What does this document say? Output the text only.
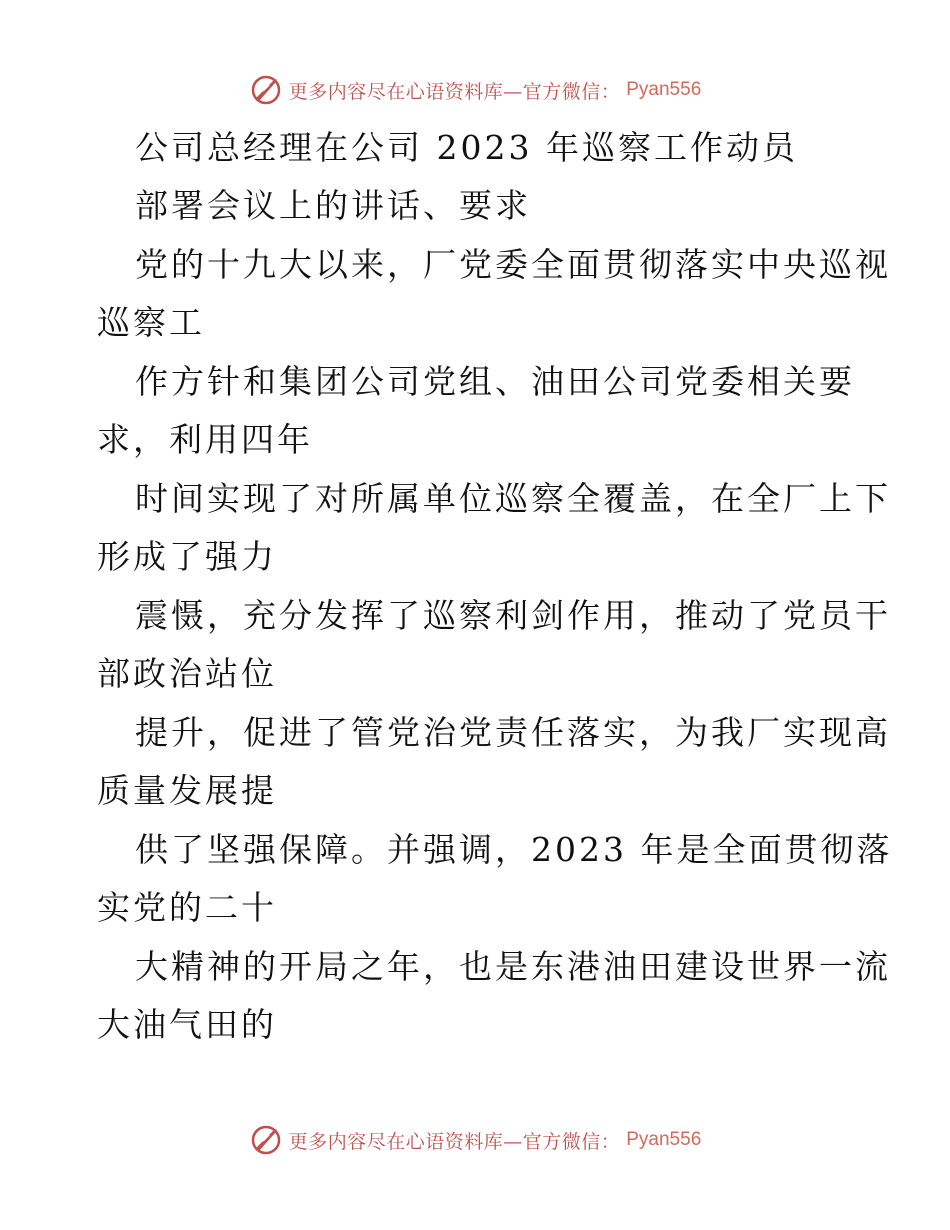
更多内容尽在心语资料库—官方微信： Pyan556
公司总经理在公司 2023 年巡察工作动员
部署会议上的讲话、要求
党的十九大以来，厂党委全面贯彻落实中央巡视
巡察工
作方针和集团公司党组、油田公司党委相关要
求，利用四年
时间实现了对所属单位巡察全覆盖，在全厂上下
形成了强力
震慑，充分发挥了巡察利剑作用，推动了党员干
部政治站位
提升，促进了管党治党责任落实，为我厂实现高
质量发展提
供了坚强保障。并强调，2023 年是全面贯彻落
实党的二十
大精神的开局之年，也是东港油田建设世界一流
大油气田的
更多内容尽在心语资料库—官方微信： Pyan556
